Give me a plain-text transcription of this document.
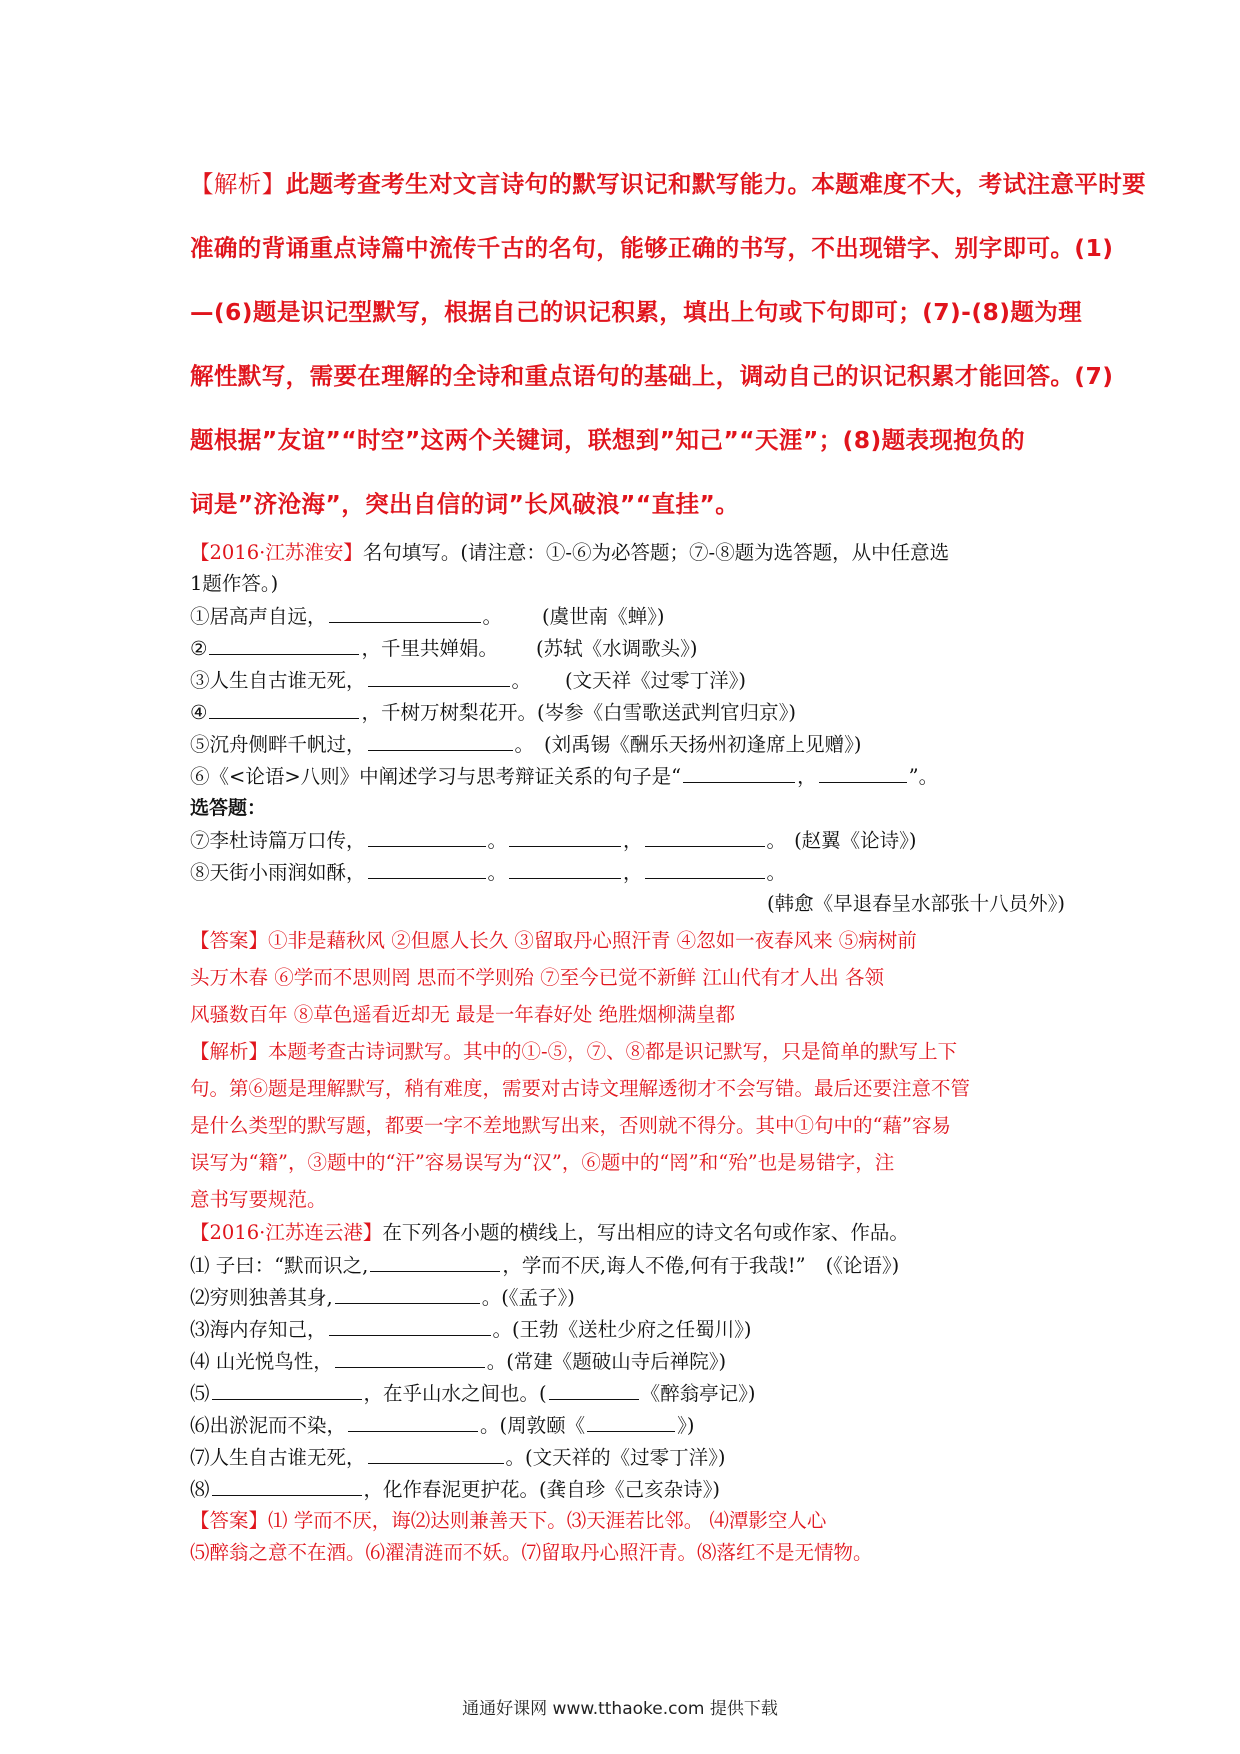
【解析】此题考查考生对文言诗句的默写识记和默写能力。本题难度不大，考试注意平时要
准确的背诵重点诗篇中流传千古的名句，能够正确的书写，不出现错字、别字即可。(1)
—(6)题是识记型默写，根据自己的识记积累，填出上句或下句即可；(7)-(8)题为理
解性默写，需要在理解的全诗和重点语句的基础上，调动自己的识记积累才能回答。(7)
题根据”友谊”“时空”这两个关键词，联想到”知己”“天涯”；(8)题表现抱负的
词是”济沧海”，突出自信的词”长风破浪”“直挂”。
【2016·江苏淮安】名句填写。(请注意：①-⑥为必答题；⑦-⑧题为选答题，从中任意选
1题作答。)
①居高声自远，	。 (虞世南《蝉》)
②	，千里共婵娟。 (苏轼《水调歌头》)
③人生自古谁无死，	。 (文天祥《过零丁洋》)
④	，千树万树梨花开。(岑参《白雪歌送武判官归京》)
⑤沉舟侧畔千帆过，	。 (刘禹锡《酬乐天扬州初逢席上见赠》)
⑥《<论语>八则》中阐述学习与思考辩证关系的句子是“	，	”。
选答题：
⑦李杜诗篇万口传，	。	，	。 (赵翼《论诗》)
⑧天街小雨润如酥，	。	，	。
(韩愈《早退春呈水部张十八员外》)
【答案】①非是藉秋风 ②但愿人长久 ③留取丹心照汗青 ④忽如一夜春风来 ⑤病树前
头万木春 ⑥学而不思则罔 思而不学则殆 ⑦至今已觉不新鲜 江山代有才人出 各领
风骚数百年 ⑧草色遥看近却无 最是一年春好处 绝胜烟柳满皇都
【解析】本题考查古诗词默写。其中的①-⑤，⑦、⑧都是识记默写，只是简单的默写上下
句。第⑥题是理解默写，稍有难度，需要对古诗文理解透彻才不会写错。最后还要注意不管
是什么类型的默写题，都要一字不差地默写出来，否则就不得分。其中①句中的“藉”容易
误写为“籍”，③题中的“汗”容易误写为“汉”，⑥题中的“罔”和“殆”也是易错字，注
意书写要规范。
【2016·江苏连云港】在下列各小题的横线上，写出相应的诗文名句或作家、作品。
⑴ 子曰：“默而识之,	，学而不厌,诲人不倦,何有于我哉!” (《论语》)
⑵穷则独善其身,	。(《孟子》)
⑶海内存知己，	。(王勃《送杜少府之任蜀川》)
⑷ 山光悦鸟性，	。(常建《题破山寺后禅院》)
⑸	，在乎山水之间也。(	《醉翁亭记》)
⑹出淤泥而不染，	。(周敦颐《	》)
⑺人生自古谁无死，	。(文天祥的《过零丁洋》)
⑻	，化作春泥更护花。(龚自珍《己亥杂诗》)
【答案】⑴ 学而不厌，诲⑵达则兼善天下。⑶天涯若比邻。 ⑷潭影空人心
⑸醉翁之意不在酒。⑹濯清涟而不妖。⑺留取丹心照汗青。⑻落红不是无情物。
通通好课网 www.tthaoke.com 提供下载
